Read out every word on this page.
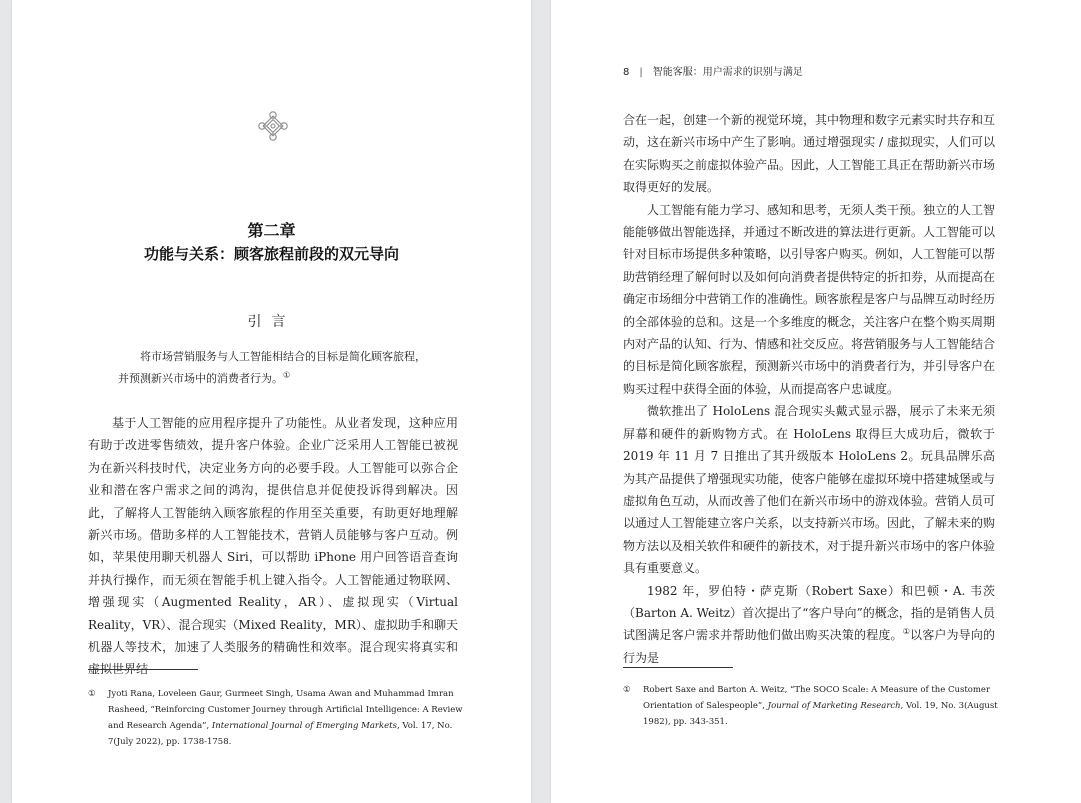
第二章
功能与关系：顾客旅程前段的双元导向
引言

将市场营销服务与人工智能相结合的目标是简化顾客旅程，

并预测新兴市场中的消费者行为。①

基于人工智能的应用程序提升了功能性。从业者发现，这种应用有助于改进零售绩效，提升客户体验。企业广泛采用人工智能已被视为在新兴科技时代，决定业务方向的必要手段。人工智能可以弥合企业和潜在客户需求之间的鸿沟，提供信息并促使投诉得到解决。因此，了解将人工智能纳入顾客旅程的作用至关重要，有助更好地理解新兴市场。借助多样的人工智能技术，营销人员能够与客户互动。例如，苹果使用聊天机器人 Siri，可以帮助 iPhone 用户回答语音查询并执行操作，而无须在智能手机上键入指令。人工智能通过物联网、增强现实（Augmented Reality，AR）、虚拟现实（Virtual Reality，VR）、混合现实（Mixed Reality，MR）、虚拟助手和聊天机器人等技术，加速了人类服务的精确性和效率。混合现实将真实和虚拟世界结

① Jyoti Rana, Loveleen Gaur, Gurmeet Singh, Usama Awan and Muhammad Imran Rasheed, “Reinforcing Customer Journey through Artificial Intelligence: A Review and Research Agenda”, International Journal of Emerging Markets, Vol. 17, No. 7(July 2022), pp. 1738-1758.
8 | 智能客服：用户需求的识别与满足

合在一起，创建一个新的视觉环境，其中物理和数字元素实时共存和互动，这在新兴市场中产生了影响。通过增强现实 / 虚拟现实，人们可以在实际购买之前虚拟体验产品。因此，人工智能工具正在帮助新兴市场取得更好的发展。

人工智能有能力学习、感知和思考，无须人类干预。独立的人工智能能够做出智能选择，并通过不断改进的算法进行更新。人工智能可以针对目标市场提供多种策略，以引导客户购买。例如，人工智能可以帮助营销经理了解何时以及如何向消费者提供特定的折扣券，从而提高在确定市场细分中营销工作的准确性。顾客旅程是客户与品牌互动时经历的全部体验的总和。这是一个多维度的概念，关注客户在整个购买周期内对产品的认知、行为、情感和社交反应。将营销服务与人工智能结合的目标是简化顾客旅程，预测新兴市场中的消费者行为，并引导客户在购买过程中获得全面的体验，从而提高客户忠诚度。

微软推出了 HoloLens 混合现实头戴式显示器，展示了未来无须屏幕和硬件的新购物方式。在 HoloLens 取得巨大成功后，微软于 2019 年 11 月 7 日推出了其升级版本 HoloLens 2。玩具品牌乐高为其产品提供了增强现实功能，使客户能够在虚拟环境中搭建城堡或与虚拟角色互动，从而改善了他们在新兴市场中的游戏体验。营销人员可以通过人工智能建立客户关系，以支持新兴市场。因此，了解未来的购物方法以及相关软件和硬件的新技术，对于提升新兴市场中的客户体验具有重要意义。

1982 年，罗伯特・萨克斯（Robert Saxe）和巴顿・A. 韦茨（Barton A. Weitz）首次提出了“客户导向”的概念，指的是销售人员试图满足客户需求并帮助他们做出购买决策的程度。①以客户为导向的行为是

① Robert Saxe and Barton A. Weitz, “The SOCO Scale: A Measure of the Customer Orientation of Salespeople”, Journal of Marketing Research, Vol. 19, No. 3(August 1982), pp. 343-351.
